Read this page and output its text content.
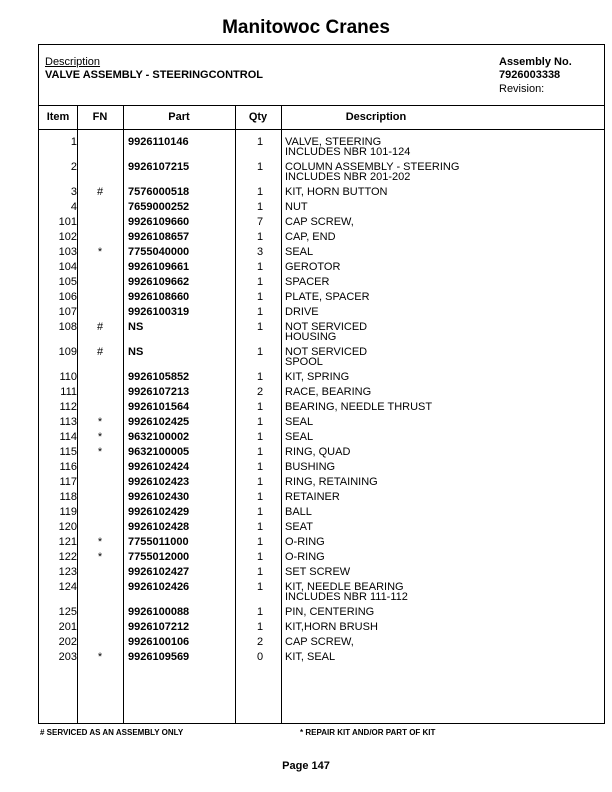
Manitowoc Cranes
Description
VALVE ASSEMBLY - STEERINGCONTROL
Assembly No.
7926003338
Revision:
Item	FN	Part	Qty	Description
1	9926110146	1	VALVE, STEERING
INCLUDES NBR 101-124
2	9926107215	1	COLUMN ASSEMBLY - STEERING
INCLUDES NBR 201-202
3	#	7576000518	1	KIT, HORN BUTTON
4	7659000252	1	NUT
101	9926109660	7	CAP SCREW,
102	9926108657	1	CAP, END
103	*	7755040000	3	SEAL
104	9926109661	1	GEROTOR
105	9926109662	1	SPACER
106	9926108660	1	PLATE, SPACER
107	9926100319	1	DRIVE
108	#	NS	1	NOT SERVICED
HOUSING
109	#	NS	1	NOT SERVICED
SPOOL
110	9926105852	1	KIT, SPRING
111	9926107213	2	RACE, BEARING
112	9926101564	1	BEARING, NEEDLE THRUST
113	*	9926102425	1	SEAL
114	*	9632100002	1	SEAL
115	*	9632100005	1	RING, QUAD
116	9926102424	1	BUSHING
117	9926102423	1	RING, RETAINING
118	9926102430	1	RETAINER
119	9926102429	1	BALL
120	9926102428	1	SEAT
121	*	7755011000	1	O-RING
122	*	7755012000	1	O-RING
123	9926102427	1	SET SCREW
124	9926102426	1	KIT, NEEDLE BEARING
INCLUDES NBR 111-112
125	9926100088	1	PIN, CENTERING
201	9926107212	1	KIT,HORN BRUSH
202	9926100106	2	CAP SCREW,
203	*	9926109569	0	KIT, SEAL
# SERVICED AS AN ASSEMBLY ONLY	* REPAIR KIT AND/OR PART OF KIT
Page 147
